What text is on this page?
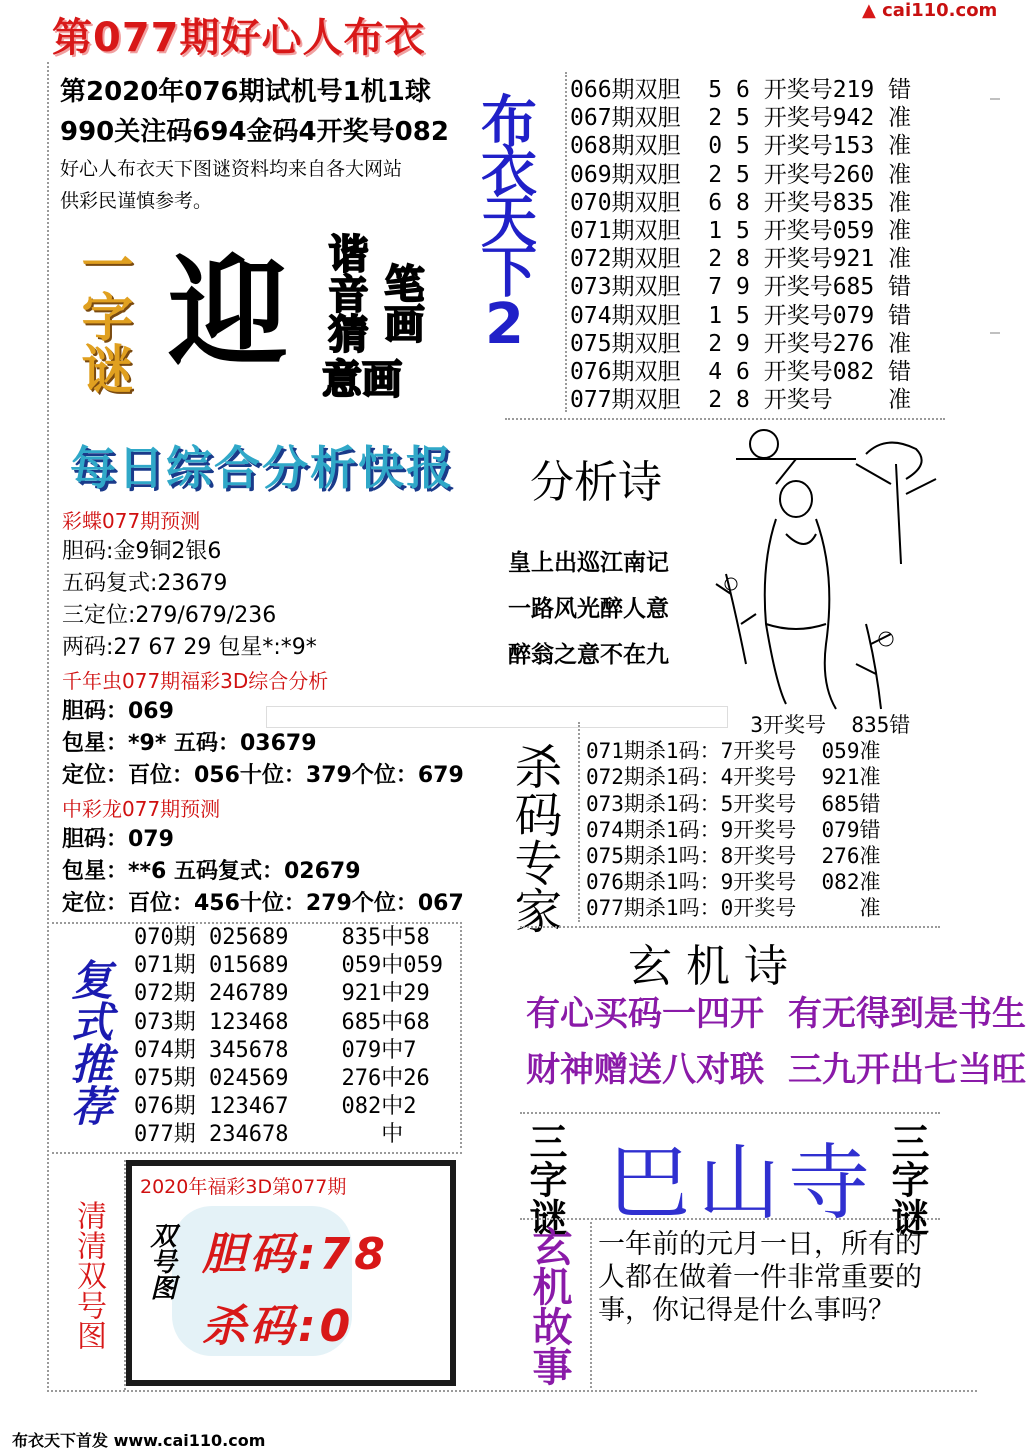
第077期好心人布衣
▲ cai110.com
第2020年076期试机号1机1球
990关注码694金码4开奖号082
好心人布衣天下图谜资料均来自各大网站
供彩民谨慎参考。	布衣天下2
066期双胆 5 6 开奖号219 错
067期双胆 2 5 开奖号942 准
068期双胆 0 5 开奖号153 准
069期双胆 2 5 开奖号260 准
070期双胆 6 8 开奖号835 准
071期双胆 1 5 开奖号059 准
072期双胆 2 8 开奖号921 准
073期双胆 7 9 开奖号685 错
074期双胆 1 5 开奖号079 错
075期双胆 2 9 开奖号276 准
076期双胆 4 6 开奖号082 错
077期双胆 2 8 开奖号 准
一字谜 迎 谐音猜 笔画
意画
每日综合分析快报
彩蝶077期预测
胆码:金9铜2银6
五码复式:23679
三定位:279/679/236
两码:27 67 29 包星*:*9*
千年虫077期福彩3D综合分析
胆码：069
包星：*9* 五码：03679
定位：百位：056十位：379个位：679
中彩龙077期预测
胆码：079
包星：**6 五码复式：02679
定位：百位：456十位：279个位：067
分析诗
皇上出巡江南记
一路风光醉人意
醉翁之意不在九
杀码专家
3开奖号 835错
071期杀1码：7开奖号 059准
072期杀1码：4开奖号 921准
073期杀1码：5开奖号 685错
074期杀1码：9开奖号 079错
075期杀1吗：8开奖号 276准
076期杀1吗：9开奖号 082准
077期杀1吗：0开奖号	准
复式推荐
070期 025689 835中58
071期 015689 059中059
072期 246789 921中29
073期 123468 685中68
074期 345678 079中7
075期 024569 276中26
076期 123467 082中2
077期 234678	中
玄 机 诗
有心买码一四开 有无得到是书生
财神赠送八对联 三九开出七当旺
三字谜 巴山寺 三字谜
清清双号图
2020年福彩3D第077期
双号图 胆码:78
杀码:0	玄机故事 一年前的元月一日，所有的人都在做着一件非常重要的事，你记得是什么事吗？
布衣天下首发 www.cai110.com
